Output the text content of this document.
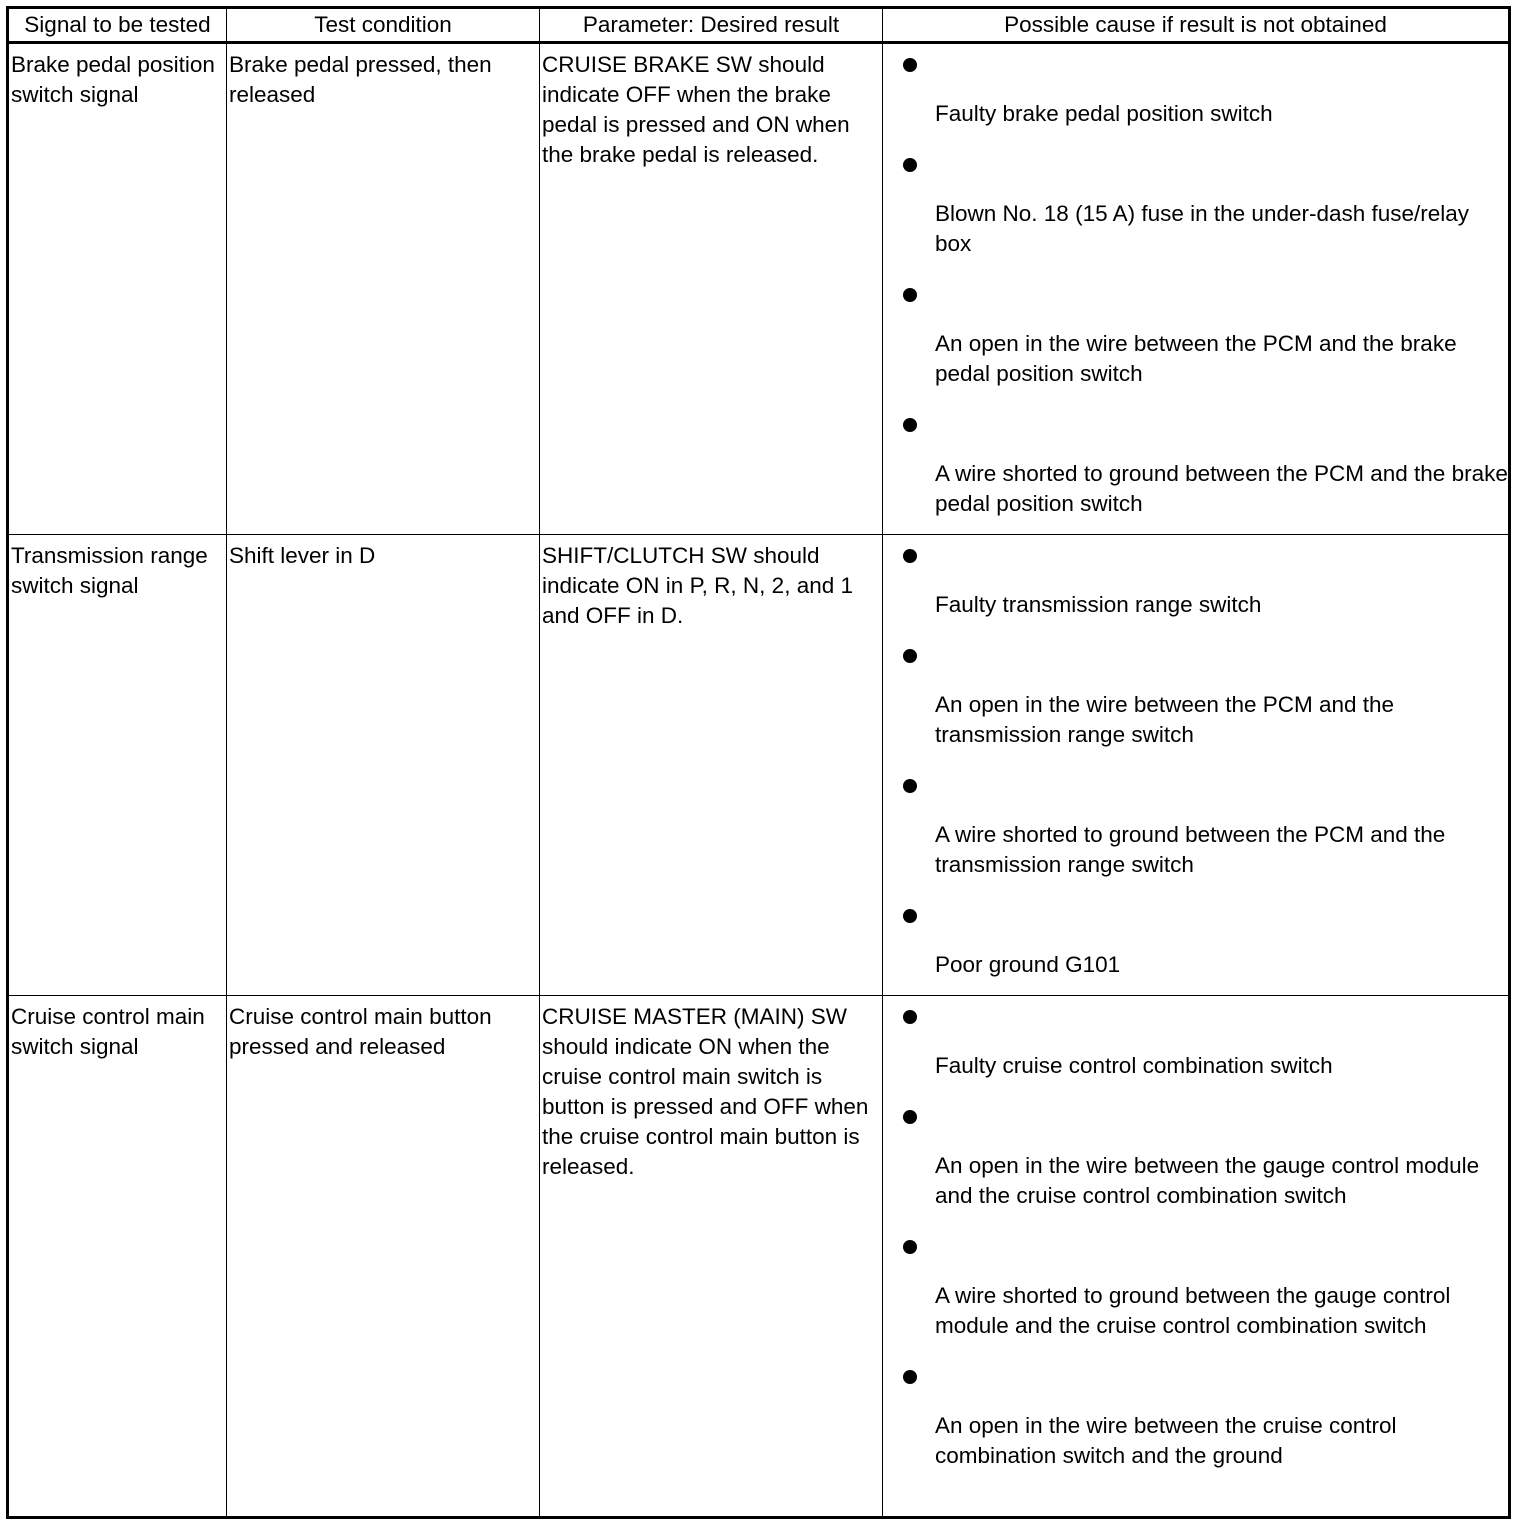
Signal to be tested	Test condition	Parameter: Desired result	Possible cause if result is not obtained
Brake pedal position switch signal	Brake pedal pressed, then released	CRUISE BRAKE SW should indicate OFF when the brake pedal is pressed and ON when the brake pedal is released.	Faulty brake pedal position switch
Blown No. 18 (15 A) fuse in the under-dash fuse/relay box
An open in the wire between the PCM and the brake pedal position switch
A wire shorted to ground between the PCM and the brake pedal position switch

Transmission range switch signal	Shift lever in D	SHIFT/CLUTCH SW should indicate ON in P, R, N, 2, and 1 and OFF in D.	Faulty transmission range switch
An open in the wire between the PCM and the transmission range switch
A wire shorted to ground between the PCM and the transmission range switch
Poor ground G101

Cruise control main switch signal	Cruise control main button pressed and released	CRUISE MASTER (MAIN) SW should indicate ON when the cruise control main switch is button is pressed and OFF when the cruise control main button is released.	Faulty cruise control combination switch
An open in the wire between the gauge control module and the cruise control combination switch
A wire shorted to ground between the gauge control module and the cruise control combination switch
An open in the wire between the cruise control combination switch and the ground
